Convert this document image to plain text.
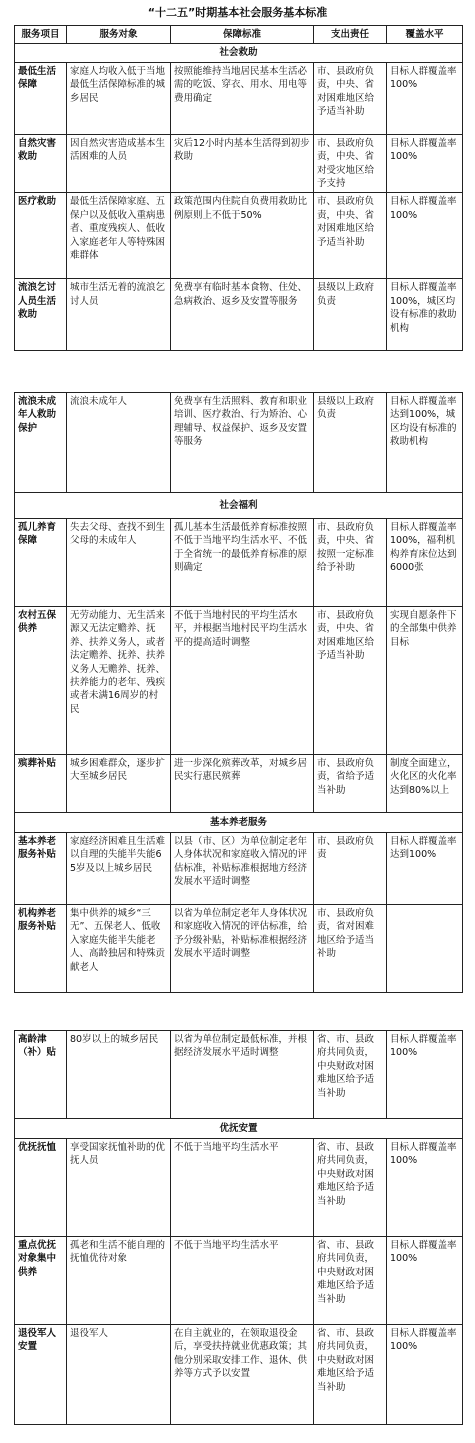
“十二五”时期基本社会服务基本标准
服务项目	服务对象	保障标准	支出责任	覆盖水平
社会救助				
最低生活保障	家庭人均收入低于当地最低生活保障标准的城乡居民	按照能维持当地居民基本生活必需的吃饭、穿衣、用水、用电等费用确定	市、县政府负责，中央、省对困难地区给予适当补助	目标人群覆盖率100%
自然灾害救助	因自然灾害造成基本生活困难的人员	灾后12小时内基本生活得到初步救助	市、县政府负责，中央、省对受灾地区给予支持	目标人群覆盖率100%
医疗救助	最低生活保障家庭、五保户以及低收入重病患者、重度残疾人、低收入家庭老年人等特殊困难群体	政策范围内住院自负费用救助比例原则上不低于50%	市、县政府负责，中央、省对困难地区给予适当补助	目标人群覆盖率100%
流浪乞讨人员生活救助	城市生活无着的流浪乞讨人员	免费享有临时基本食物、住处、急病救治、返乡及安置等服务	县级以上政府负责	目标人群覆盖率100%，城区均设有标准的救助机构
流浪未成年人救助保护	流浪未成年人	免费享有生活照料、教育和职业培训、医疗救治、行为矫治、心理辅导、权益保护、返乡及安置等服务	县级以上政府负责	目标人群覆盖率达到100%，城区均设有标准的救助机构
社会福利				
孤儿养育保障	失去父母、查找不到生父母的未成年人	孤儿基本生活最低养育标准按照不低于当地平均生活水平、不低于全省统一的最低养育标准的原则确定	市、县政府负责，中央、省按照一定标准给予补助	目标人群覆盖率100%，福利机构养育床位达到6000张
农村五保供养	无劳动能力、无生活来源又无法定赡养、抚养、扶养义务人，或者法定赡养、抚养、扶养义务人无赡养、抚养、扶养能力的老年、残疾或者未满16周岁的村民	不低于当地村民的平均生活水平，并根据当地村民平均生活水平的提高适时调整	市、县政府负责，中央、省对困难地区给予适当补助	实现自愿条件下的全部集中供养目标
殡葬补贴	城乡困难群众，逐步扩大至城乡居民	进一步深化殡葬改革，对城乡居民实行惠民殡葬	市、县政府负责，省给予适当补助	制度全面建立，火化区的火化率达到80%以上
基本养老服务				
基本养老服务补贴	家庭经济困难且生活难以自理的失能半失能65岁及以上城乡居民	以县（市、区）为单位制定老年人身体状况和家庭收入情况的评估标准，补贴标准根据地方经济发展水平适时调整	市、县政府负责	目标人群覆盖率达到100%
机构养老服务补贴	集中供养的城乡“三无”、五保老人、低收入家庭失能半失能老人、高龄独居和特殊贡献老人	以省为单位制定老年人身体状况和家庭收入情况的评估标准，给予分级补贴，补贴标准根据经济发展水平适时调整	市、县政府负责，省对困难地区给予适当补助	
高龄津（补）贴	80岁以上的城乡居民	以省为单位制定最低标准，并根据经济发展水平适时调整	省、市、县政府共同负责，中央财政对困难地区给予适当补助	目标人群覆盖率100%
优抚安置				
优抚抚恤	享受国家抚恤补助的优抚人员	不低于当地平均生活水平	省、市、县政府共同负责，中央财政对困难地区给予适当补助	目标人群覆盖率100%
重点优抚对象集中供养	孤老和生活不能自理的抚恤优待对象	不低于当地平均生活水平	省、市、县政府共同负责，中央财政对困难地区给予适当补助	目标人群覆盖率100%
退役军人安置	退役军人	在自主就业的，在领取退役金后，享受扶持就业优惠政策；其他分别采取安排工作、退休、供养等方式予以安置	省、市、县政府共同负责，中央财政对困难地区给予适当补助	目标人群覆盖率100%
